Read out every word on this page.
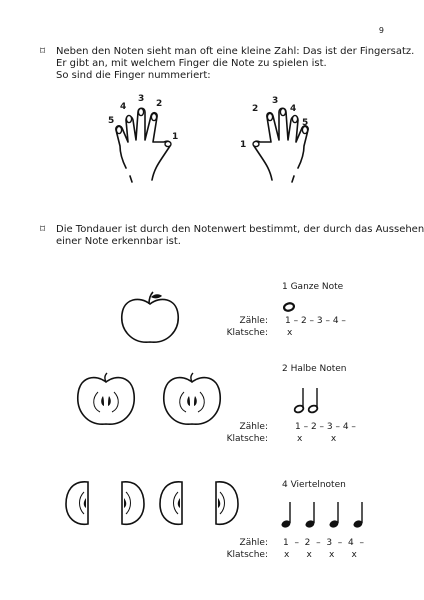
9
⌑ Neben den Noten sieht man oft eine kleine Zahl: Das ist der Fingersatz.
Er gibt an, mit welchem Finger die Note zu spielen ist.
So sind die Finger nummeriert:
5
4
3 2
1
1
2
3
4
5
⌑ Die Tondauer ist durch den Notenwert bestimmt, der durch das Aussehen
einer Note erkennbar ist.
1 Ganze Note
Zähle: 1 – 2 – 3 – 4 –
Klatsche: x
2 Halbe Noten
Zähle:	1 – 2 – 3 – 4 –
Klatsche:	x          x
4 Viertelnoten
Zähle: 1  –  2  –  3  –  4  –
Klatsche: x      x      x      x
